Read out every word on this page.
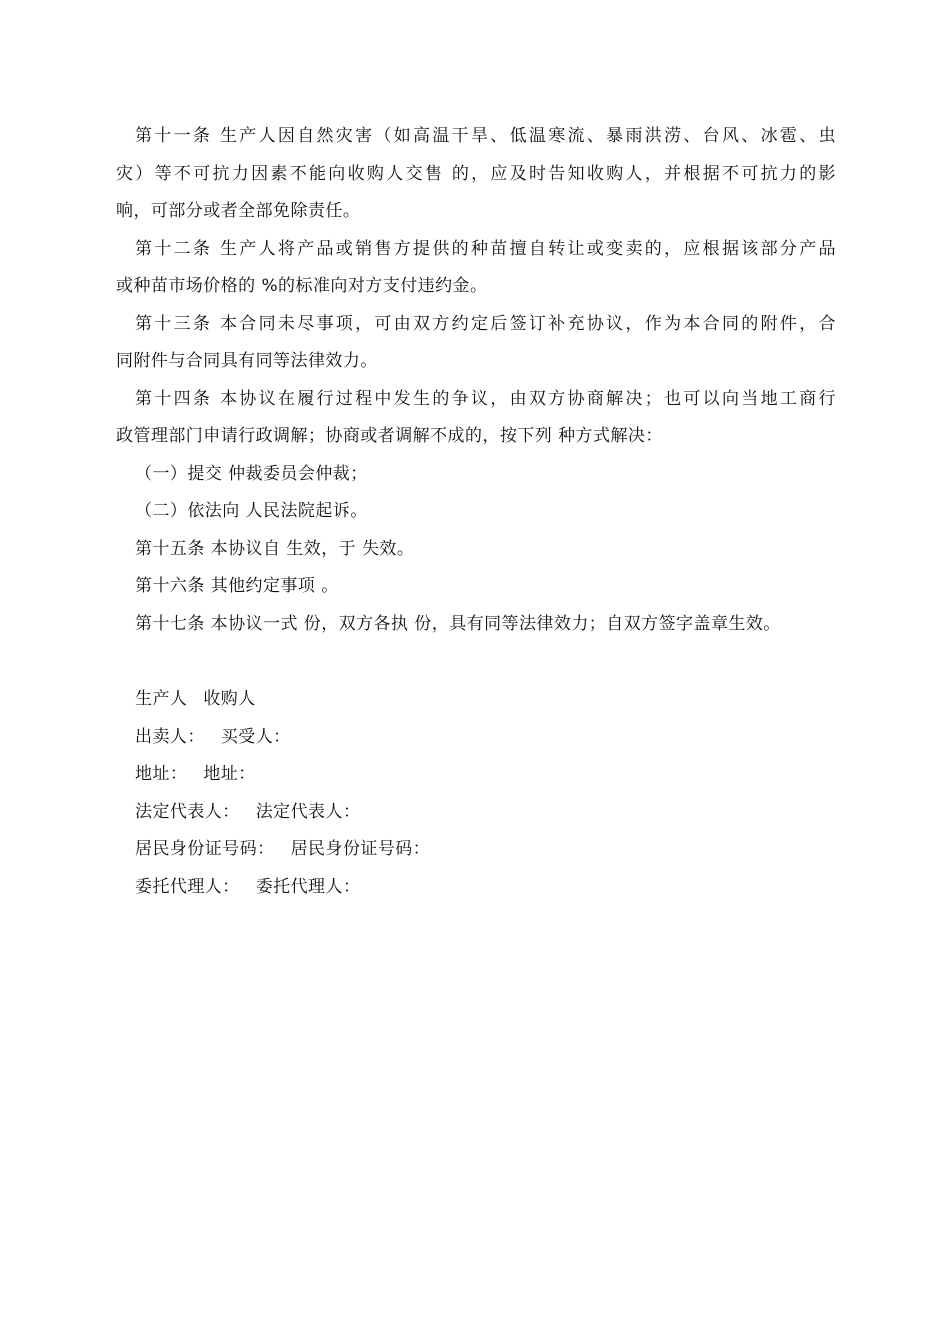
第十一条 生产人因自然灾害（如高温干旱、低温寒流、暴雨洪涝、台风、冰雹、虫
灾）等不可抗力因素不能向收购人交售 的，应及时告知收购人，并根据不可抗力的影
响，可部分或者全部免除责任。
第十二条 生产人将产品或销售方提供的种苗擅自转让或变卖的，应根据该部分产品
或种苗市场价格的 %的标准向对方支付违约金。
第十三条 本合同未尽事项，可由双方约定后签订补充协议，作为本合同的附件，合
同附件与合同具有同等法律效力。
第十四条 本协议在履行过程中发生的争议，由双方协商解决；也可以向当地工商行
政管理部门申请行政调解；协商或者调解不成的，按下列 种方式解决：
（一）提交 仲裁委员会仲裁；
（二）依法向 人民法院起诉。
第十五条 本协议自 生效，于 失效。
第十六条 其他约定事项 。
第十七条 本协议一式 份，双方各执 份，具有同等法律效力；自双方签字盖章生效。
生产人 收购人
出卖人： 买受人：
地址： 地址：
法定代表人： 法定代表人：
居民身份证号码： 居民身份证号码：
委托代理人： 委托代理人：
